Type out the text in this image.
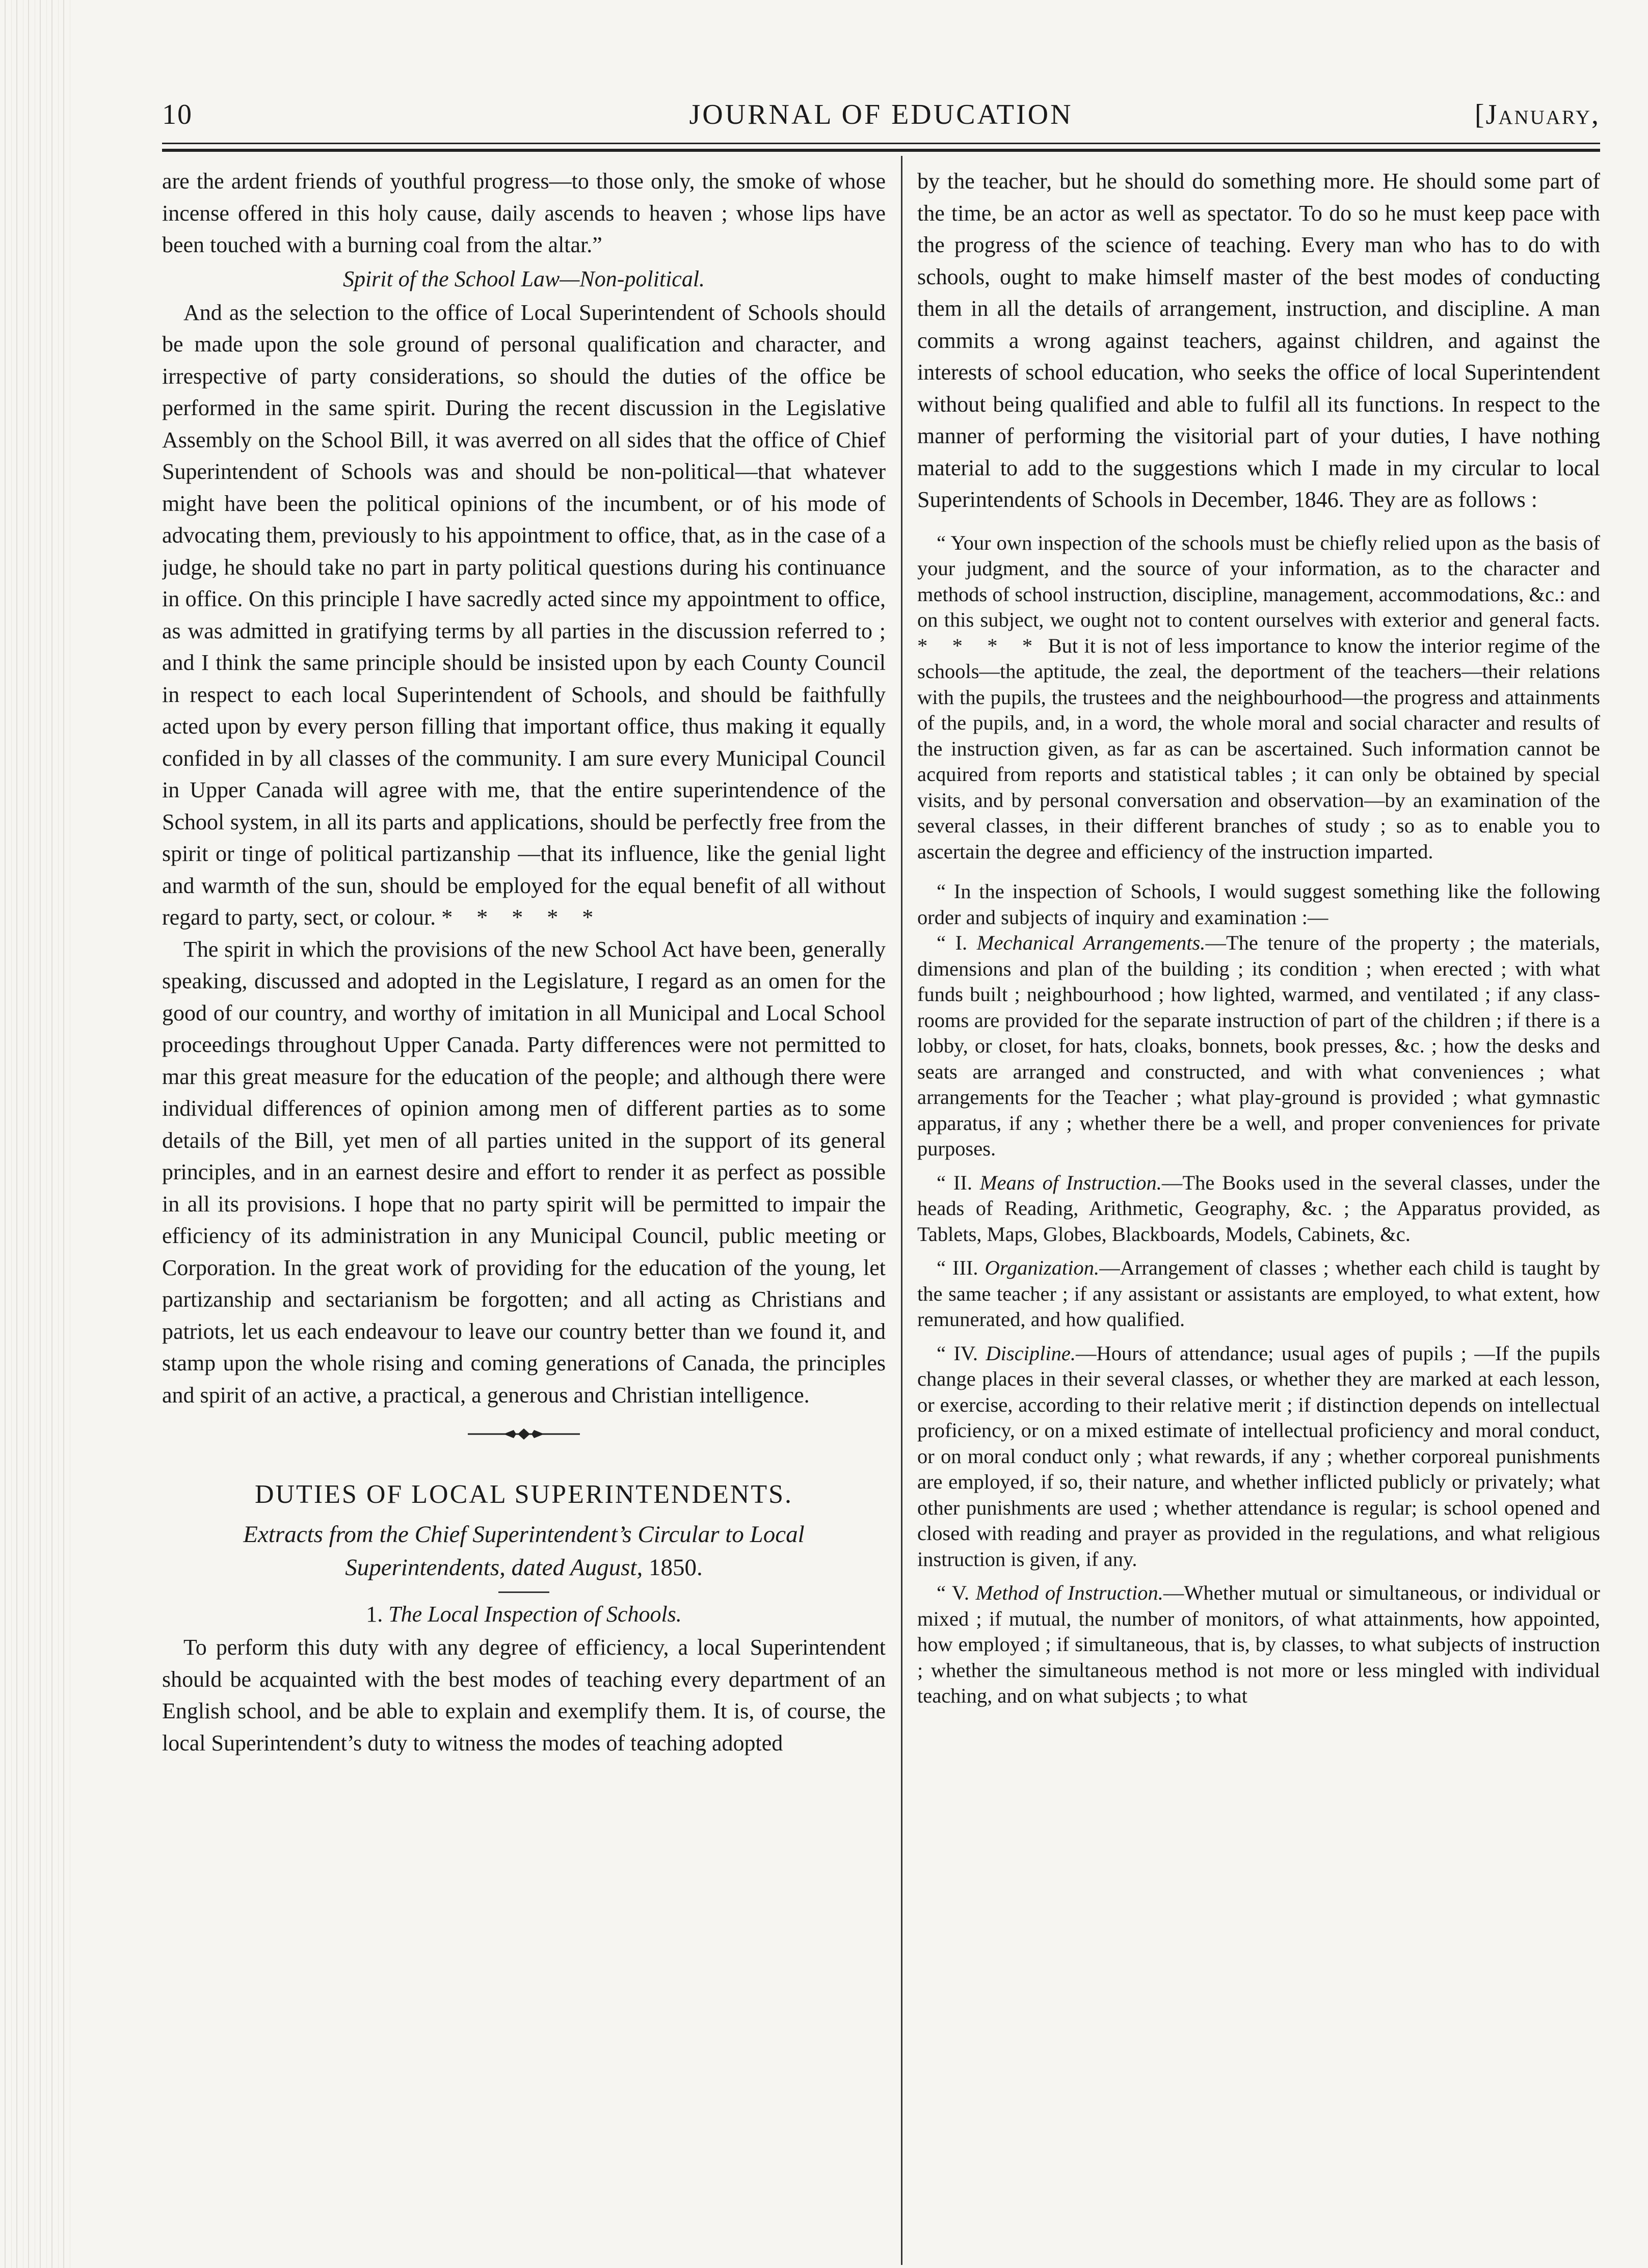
10	JOURNAL OF EDUCATION	[January,

are the ardent friends of youthful progress—to those only, the smoke of whose incense offered in this holy cause, daily ascends to heaven ; whose lips have been touched with a burning coal from the altar.”

Spirit of the School Law—Non-political.

And as the selection to the office of Local Superintendent of Schools should be made upon the sole ground of personal qualification and character, and irrespective of party considerations, so should the duties of the office be performed in the same spirit. During the recent discussion in the Legislative Assembly on the School Bill, it was averred on all sides that the office of Chief Superintendent of Schools was and should be non-political—that whatever might have been the political opinions of the incumbent, or of his mode of advocating them, previously to his appointment to office, that, as in the case of a judge, he should take no part in party political questions during his continuance in office. On this principle I have sacredly acted since my appointment to office, as was admitted in gratifying terms by all parties in the discussion referred to ; and I think the same principle should be insisted upon by each County Council in respect to each local Superintendent of Schools, and should be faithfully acted upon by every person filling that important office, thus making it equally confided in by all classes of the community. I am sure every Municipal Council in Upper Canada will agree with me, that the entire superintendence of the School system, in all its parts and applications, should be perfectly free from the spirit or tinge of political partizanship —that its influence, like the genial light and warmth of the sun, should be employed for the equal benefit of all without regard to party, sect, or colour. * * * * *

The spirit in which the provisions of the new School Act have been, generally speaking, discussed and adopted in the Legislature, I regard as an omen for the good of our country, and worthy of imitation in all Municipal and Local School proceedings throughout Upper Canada. Party differences were not permitted to mar this great measure for the education of the people; and although there were individual differences of opinion among men of different parties as to some details of the Bill, yet men of all parties united in the support of its general principles, and in an earnest desire and effort to render it as perfect as possible in all its provisions. I hope that no party spirit will be permitted to impair the efficiency of its administration in any Municipal Council, public meeting or Corporation. In the great work of providing for the education of the young, let partizanship and sectarianism be forgotten; and all acting as Christians and patriots, let us each endeavour to leave our country better than we found it, and stamp upon the whole rising and coming generations of Canada, the principles and spirit of an active, a practical, a generous and Christian intelligence.

DUTIES OF LOCAL SUPERINTENDENTS.

Extracts from the Chief Superintendent’s Circular to Local Superintendents, dated August, 1850.

1. The Local Inspection of Schools.

To perform this duty with any degree of efficiency, a local Superintendent should be acquainted with the best modes of teaching every department of an English school, and be able to explain and exemplify them. It is, of course, the local Superintendent’s duty to witness the modes of teaching adopted

by the teacher, but he should do something more. He should some part of the time, be an actor as well as spectator. To do so he must keep pace with the progress of the science of teaching. Every man who has to do with schools, ought to make himself master of the best modes of conducting them in all the details of arrangement, instruction, and discipline. A man commits a wrong against teachers, against children, and against the interests of school education, who seeks the office of local Superintendent without being qualified and able to fulfil all its functions. In respect to the manner of performing the visitorial part of your duties, I have nothing material to add to the suggestions which I made in my circular to local Superintendents of Schools in December, 1846. They are as follows :

“ Your own inspection of the schools must be chiefly relied upon as the basis of your judgment, and the source of your information, as to the character and methods of school instruction, discipline, management, accommodations, &c.: and on this subject, we ought not to content ourselves with exterior and general facts. * * * * But it is not of less importance to know the interior regime of the schools—the aptitude, the zeal, the deportment of the teachers—their relations with the pupils, the trustees and the neighbourhood—the progress and attainments of the pupils, and, in a word, the whole moral and social character and results of the instruction given, as far as can be ascertained. Such information cannot be acquired from reports and statistical tables ; it can only be obtained by special visits, and by personal conversation and observation—by an examination of the several classes, in their different branches of study ; so as to enable you to ascertain the degree and efficiency of the instruction imparted.

“ In the inspection of Schools, I would suggest something like the following order and subjects of inquiry and examination :—

“ I. Mechanical Arrangements.—The tenure of the property ; the materials, dimensions and plan of the building ; its condition ; when erected ; with what funds built ; neighbourhood ; how lighted, warmed, and ventilated ; if any class-rooms are provided for the separate instruction of part of the children ; if there is a lobby, or closet, for hats, cloaks, bonnets, book presses, &c. ; how the desks and seats are arranged and constructed, and with what conveniences ; what arrangements for the Teacher ; what play-ground is provided ; what gymnastic apparatus, if any ; whether there be a well, and proper conveniences for private purposes.

“ II. Means of Instruction.—The Books used in the several classes, under the heads of Reading, Arithmetic, Geography, &c. ; the Apparatus provided, as Tablets, Maps, Globes, Blackboards, Models, Cabinets, &c.

“ III. Organization.—Arrangement of classes ; whether each child is taught by the same teacher ; if any assistant or assistants are employed, to what extent, how remunerated, and how qualified.

“ IV. Discipline.—Hours of attendance; usual ages of pupils ; —If the pupils change places in their several classes, or whether they are marked at each lesson, or exercise, according to their relative merit ; if distinction depends on intellectual proficiency, or on a mixed estimate of intellectual proficiency and moral conduct, or on moral conduct only ; what rewards, if any ; whether corporeal punishments are employed, if so, their nature, and whether inflicted publicly or privately; what other punishments are used ; whether attendance is regular; is school opened and closed with reading and prayer as provided in the regulations, and what religious instruction is given, if any.

“ V. Method of Instruction.—Whether mutual or simultaneous, or individual or mixed ; if mutual, the number of monitors, of what attainments, how appointed, how employed ; if simultaneous, that is, by classes, to what subjects of instruction ; whether the simultaneous method is not more or less mingled with individual teaching, and on what subjects ; to what
